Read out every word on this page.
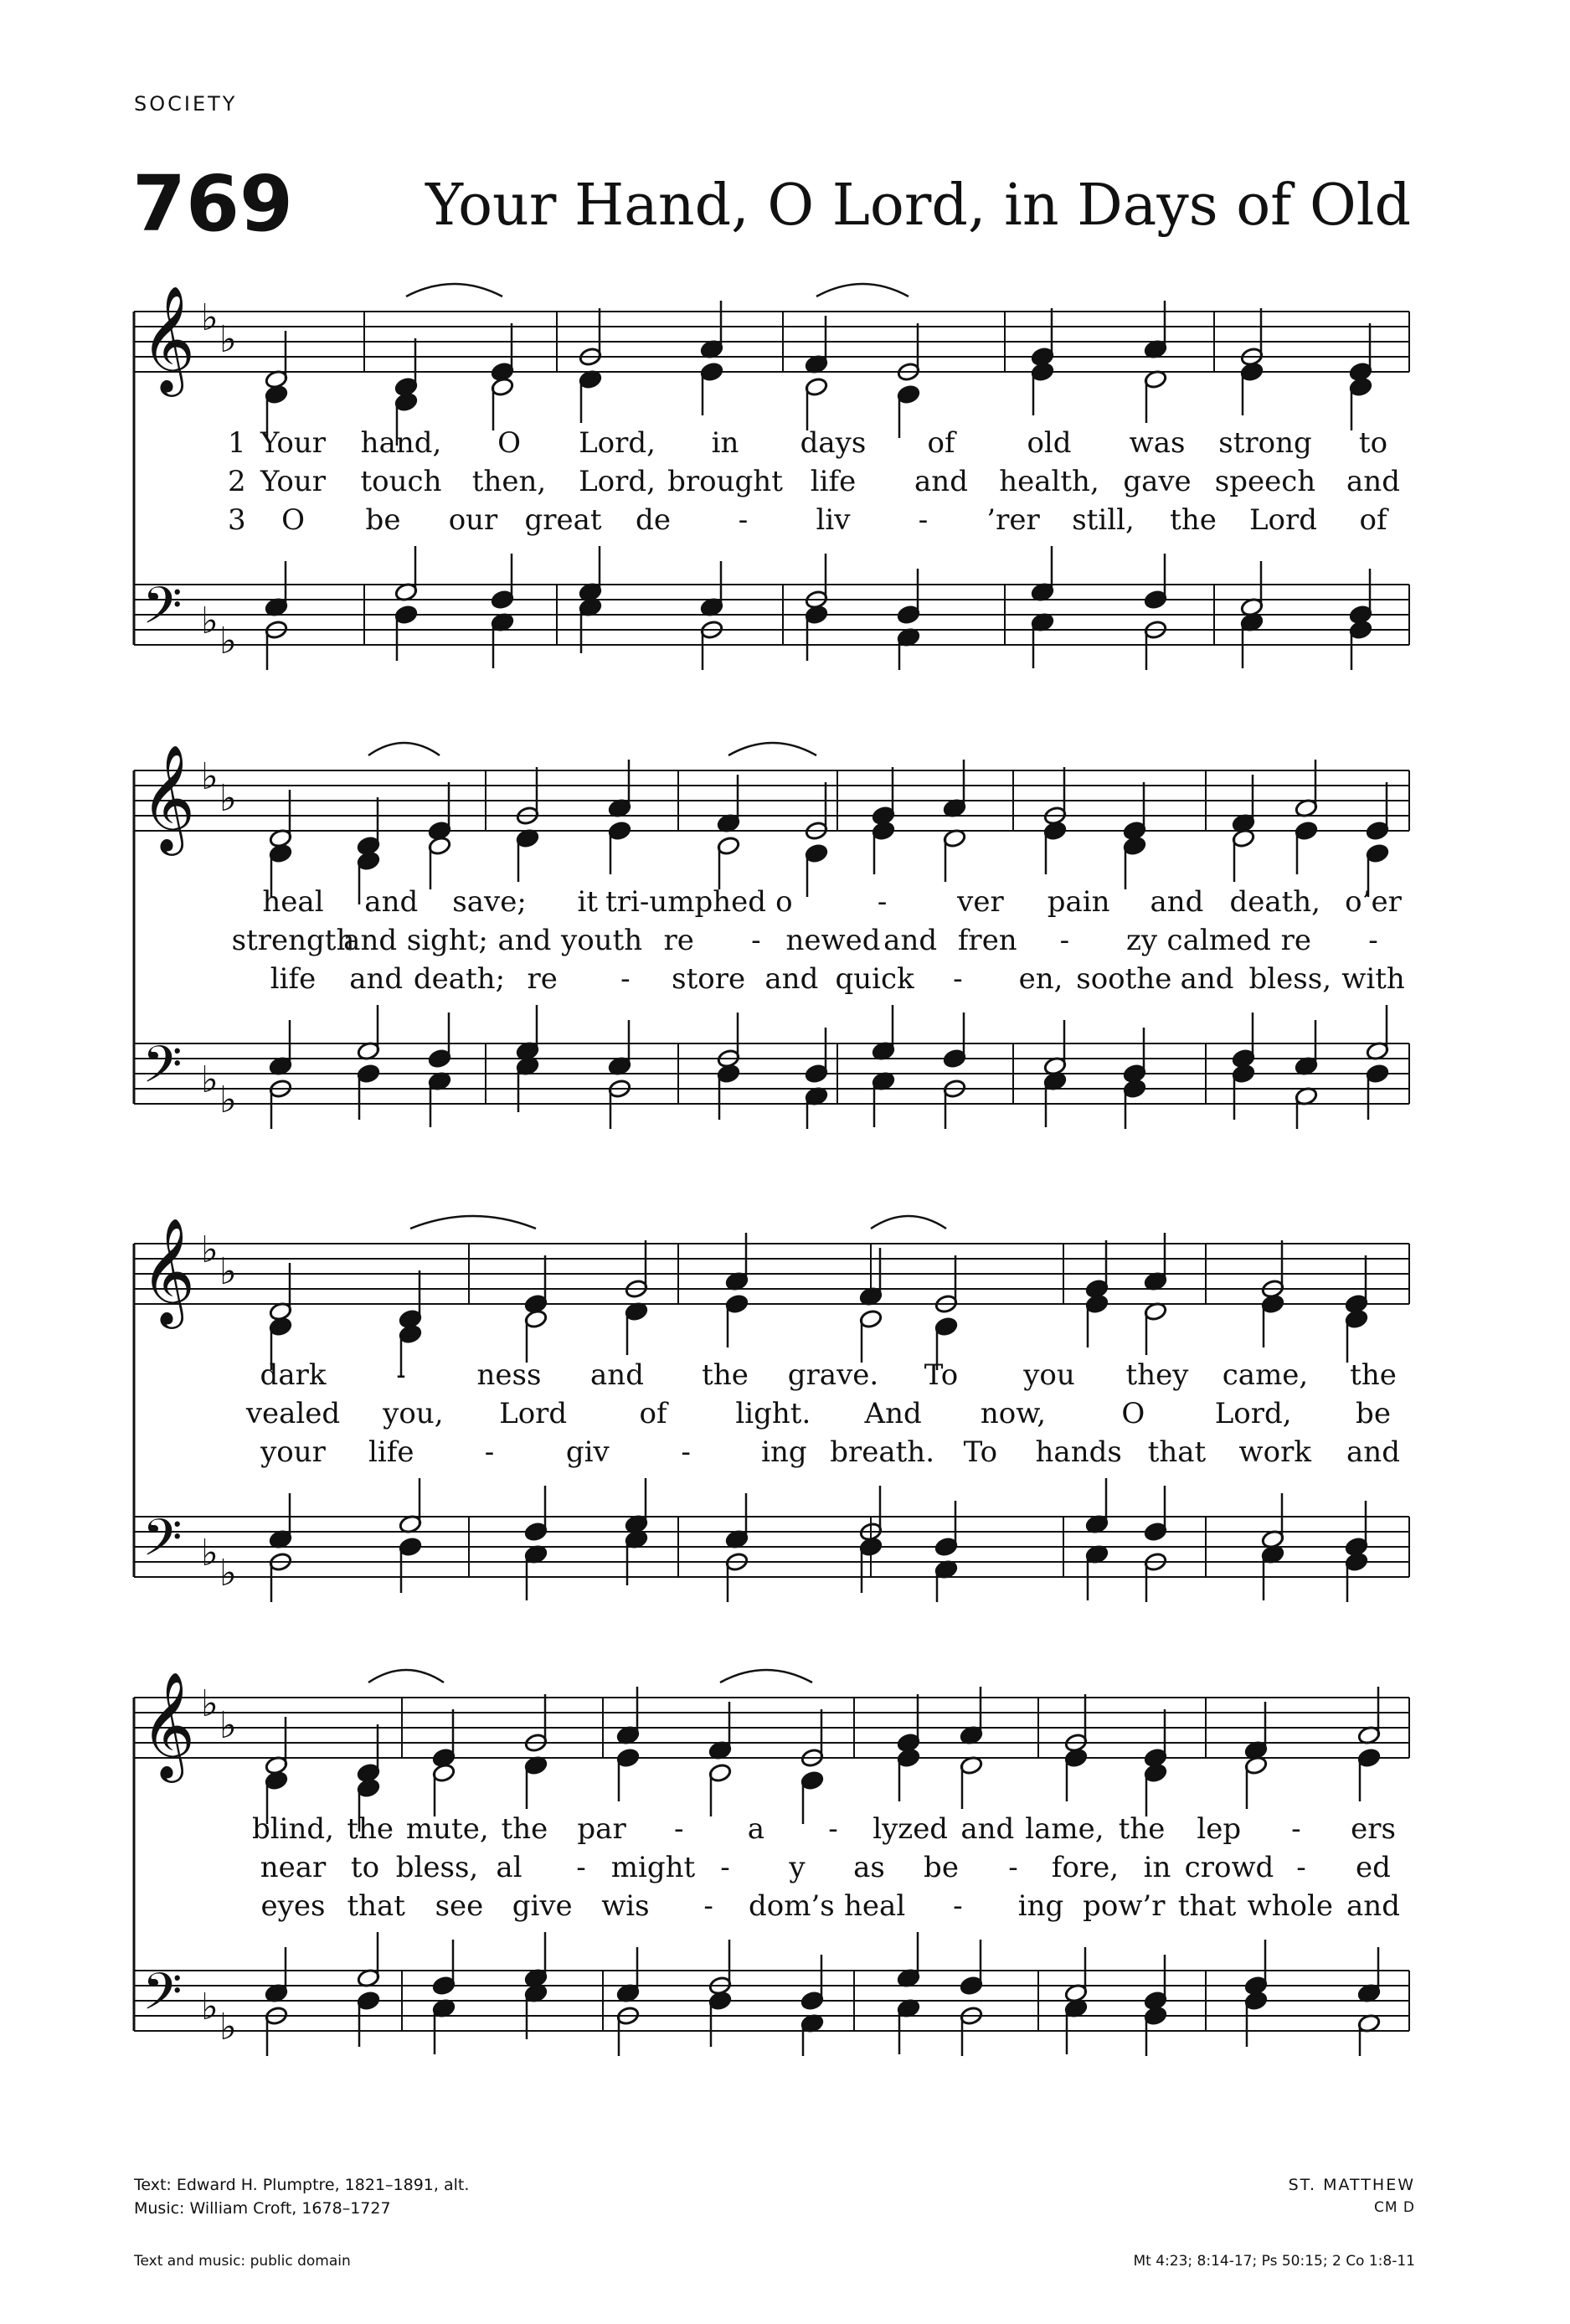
SOCIETY
769 Your Hand, O Lord, in Days of Old
𝄞
𝄢
♭
♭
♭ ♭
1 Your hand, O Lord, in days of	old was strong to
2 Your touch then, Lord, brought life and health, gave speech and
3 O be our great de - liv - ’rer still, the Lord of
𝄞
𝄢
♭
♭
♭ ♭
heal and save; it tri-umphed o	- ver pain and death, o’er
strength
and sight; and youth re - newed and fren - zy calmed re -
life and death; re - store and quick - en, soothe and bless, with
𝄞
𝄢
♭
♭
♭ ♭
dark - ness and the grave. To you they came, the
vealed you, Lord	of light. And now,	O Lord, be
your life -	giv	- ing breath. To hands that work and
𝄞
𝄢
♭
♭
♭ ♭
blind, the mute, the par - a - lyzed and lame, the lep - ers
near to bless, al - might - y as be - fore, in crowd - ed
eyes that see give wis - dom’s heal - ing pow’r that whole and
Text: Edward H. Plumptre, 1821–1891, alt.
Music: William Croft, 1678–1727
ST. MATTHEW
CM D
Text and music: public domain	Mt 4:23; 8:14-17; Ps 50:15; 2 Co 1:8-11
